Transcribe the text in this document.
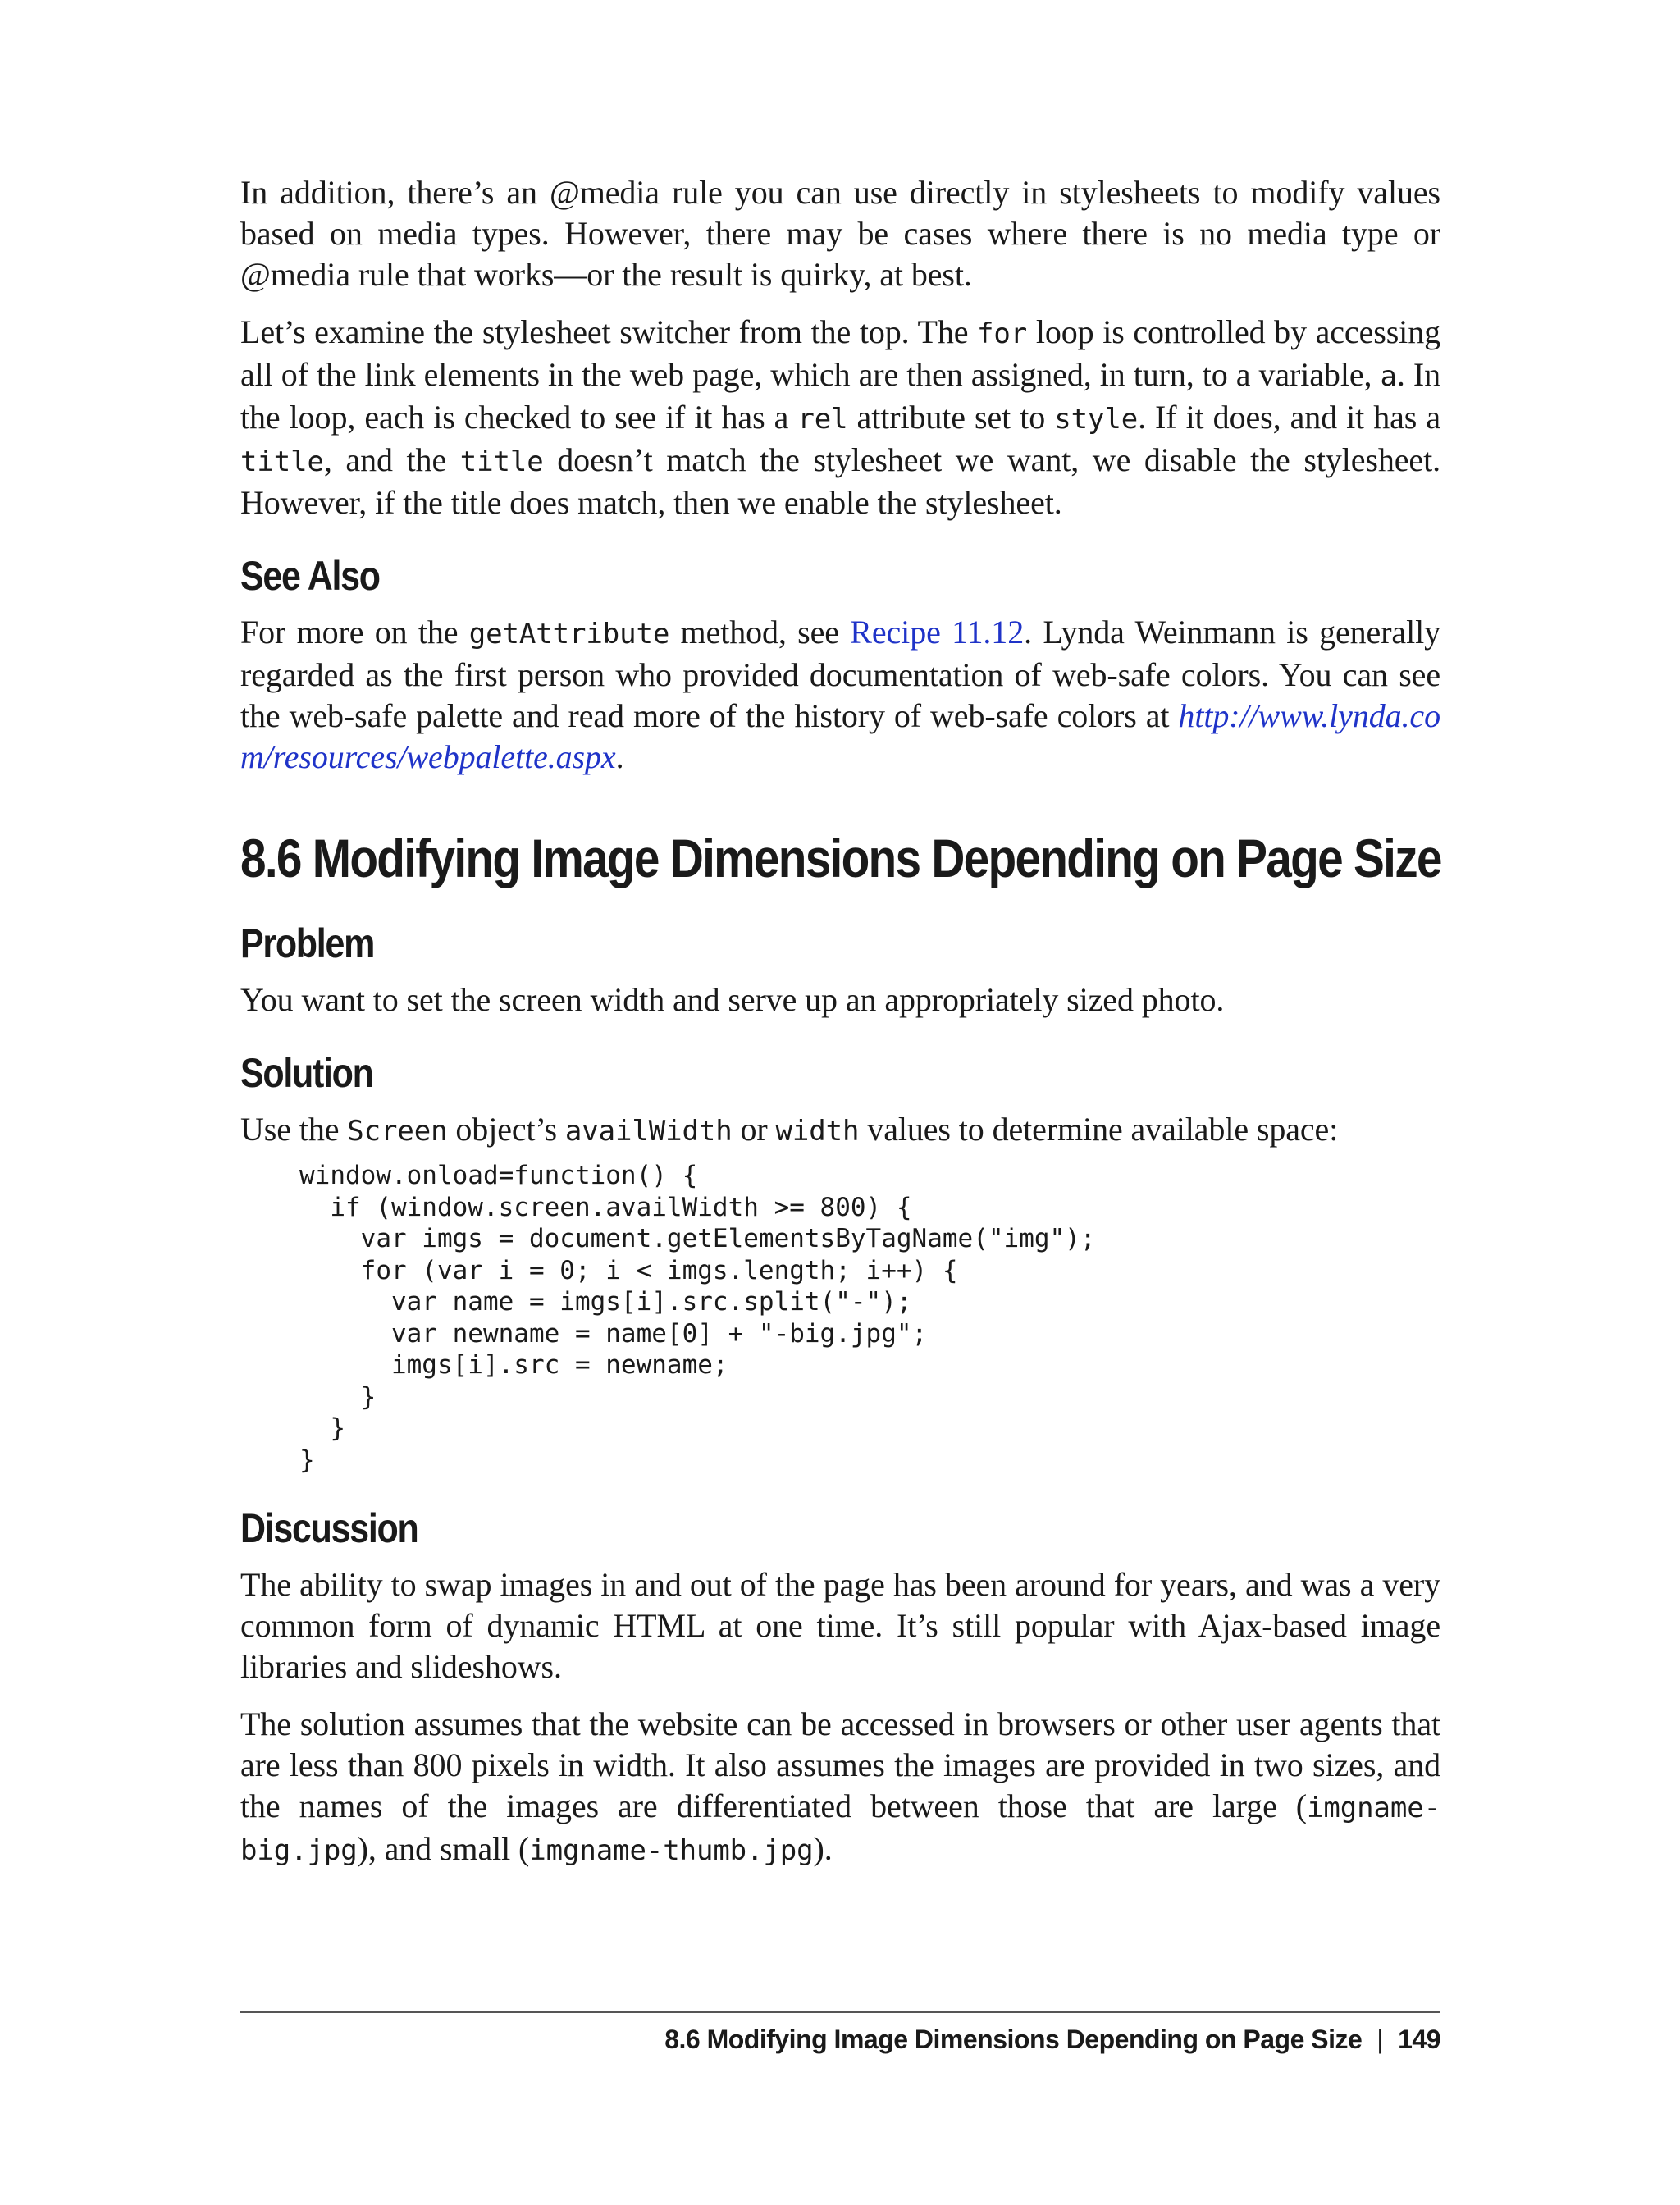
In addition, there’s an @media rule you can use directly in stylesheets to modify values based on media types. However, there may be cases where there is no media type or @media rule that works—or the result is quirky, at best.

Let’s examine the stylesheet switcher from the top. The for loop is controlled by accessing all of the link elements in the web page, which are then assigned, in turn, to a variable, a. In the loop, each is checked to see if it has a rel attribute set to style. If it does, and it has a title, and the title doesn’t match the stylesheet we want, we disable the stylesheet. However, if the title does match, then we enable the stylesheet.

See Also

For more on the getAttribute method, see Recipe 11.12. Lynda Weinmann is generally regarded as the first person who provided documentation of web-safe colors. You can see the web-safe palette and read more of the history of web-safe colors at http://www.lynda.com/resources/webpalette.aspx.

8.6 Modifying Image Dimensions Depending on Page Size
Problem

You want to set the screen width and serve up an appropriately sized photo.

Solution

Use the Screen object’s availWidth or width values to determine available space:

window.onload=function() {
if (window.screen.availWidth >= 800) {
var imgs = document.getElementsByTagName("img");
for (var i = 0; i < imgs.length; i++) {
var name = imgs[i].src.split("-");
var newname = name[0] + "-big.jpg";
imgs[i].src = newname;
}
}
}
Discussion

The ability to swap images in and out of the page has been around for years, and was a very common form of dynamic HTML at one time. It’s still popular with Ajax-based image libraries and slideshows.

The solution assumes that the website can be accessed in browsers or other user agents that are less than 800 pixels in width. It also assumes the images are provided in two sizes, and the names of the images are differentiated between those that are large (imgname-big.jpg), and small (imgname-thumb.jpg).

8.6 Modifying Image Dimensions Depending on Page Size | 149
